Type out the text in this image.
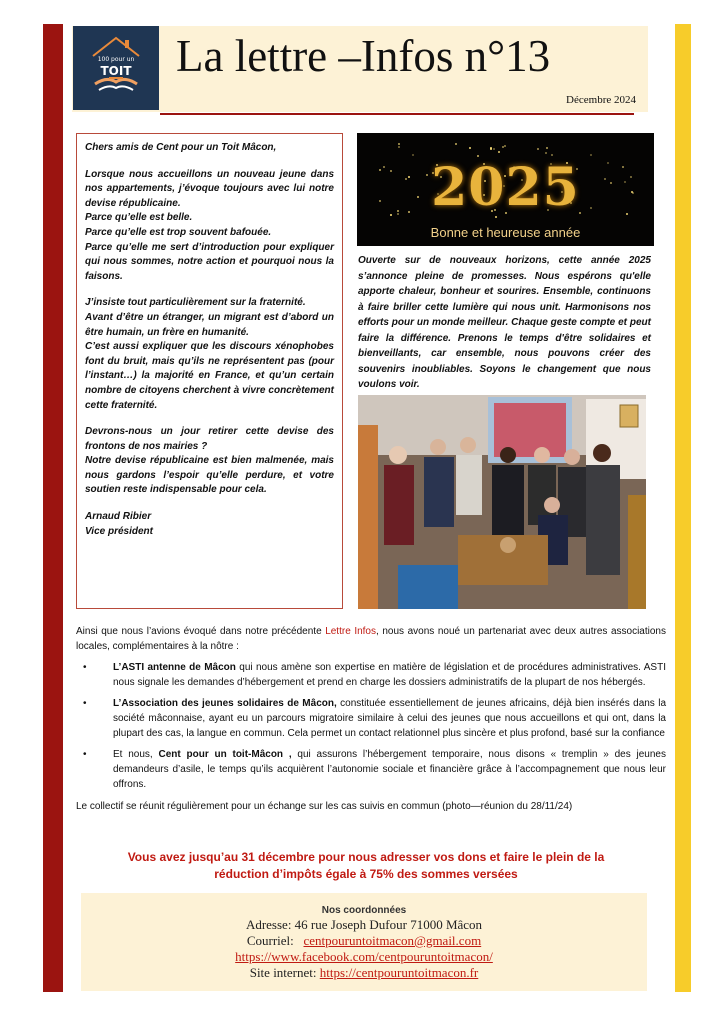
100 pour un
TOIT La lettre –Infos n°13
Décembre 2024

Chers amis de Cent pour un Toit Mâcon,

Lorsque nous accueillons un nouveau jeune dans nos appartements, j’évoque toujours avec lui notre devise républicaine.

Parce qu’elle est belle.

Parce qu’elle est trop souvent bafouée.

Parce qu’elle me sert d’introduction pour expliquer qui nous sommes, notre action et pourquoi nous la faisons.

J’insiste tout particulièrement sur la fraternité.

Avant d’être un étranger, un migrant est d’abord un être humain, un frère en humanité.

C’est aussi expliquer que les discours xénophobes font du bruit, mais qu’ils ne représentent pas (pour l’instant…) la majorité en France, et qu’un certain nombre de citoyens cherchent à vivre concrètement cette fraternité.

Devrons-nous un jour retirer cette devise des frontons de nos mairies ?

Notre devise républicaine est bien malmenée, mais nous gardons l’espoir qu’elle perdure, et votre soutien reste indispensable pour cela.

Arnaud Ribier

Vice président

2025
Bonne et heureuse année
Ouverte sur de nouveaux horizons, cette année 2025 s’annonce pleine de promesses. Nous espérons qu'elle apporte chaleur, bonheur et sourires. Ensemble, continuons à faire briller cette lumière qui nous unit. Harmonisons nos efforts pour un monde meilleur. Chaque geste compte et peut faire la différence. Prenons le temps d'être solidaires et bienveillants, car ensemble, nous pouvons créer des souvenirs inoubliables. Soyons le changement que nous voulons voir.

Ainsi que nous l’avions évoqué dans notre précédente Lettre Infos, nous avons noué un partenariat avec deux autres associations locales, complémentaires à la nôtre :

•	L’ASTI antenne de Mâcon qui nous amène son expertise en matière de législation et de procédures administratives. ASTI nous signale les demandes d’hébergement et prend en charge les dossiers administratifs de la plupart de nos hébergés.
•	L’Association des jeunes solidaires de Mâcon, constituée essentiellement de jeunes africains, déjà bien insérés dans la société mâconnaise, ayant eu un parcours migratoire similaire à celui des jeunes que nous accueillons et qui ont, dans la plupart des cas, la langue en commun. Cela permet un contact relationnel plus sincère et plus profond, basé sur la confiance
•	Et nous, Cent pour un toit-Mâcon , qui assurons l’hébergement temporaire, nous disons « tremplin » des jeunes demandeurs d’asile, le temps qu’ils acquièrent l’autonomie sociale et financière grâce à l’accompagnement que nous leur offrons.

Le collectif se réunit régulièrement pour un échange sur les cas suivis en commun (photo—réunion du 28/11/24)

Vous avez jusqu’au 31 décembre pour nous adresser vos dons et faire le plein de la
réduction d’impôts égale à 75% des sommes versées
Nos coordonnées
Adresse: 46 rue Joseph Dufour 71000 Mâcon
Courriel: centpouruntoitmacon@gmail.com
https://www.facebook.com/centpouruntoitmacon/
Site internet: https://centpouruntoitmacon.fr
